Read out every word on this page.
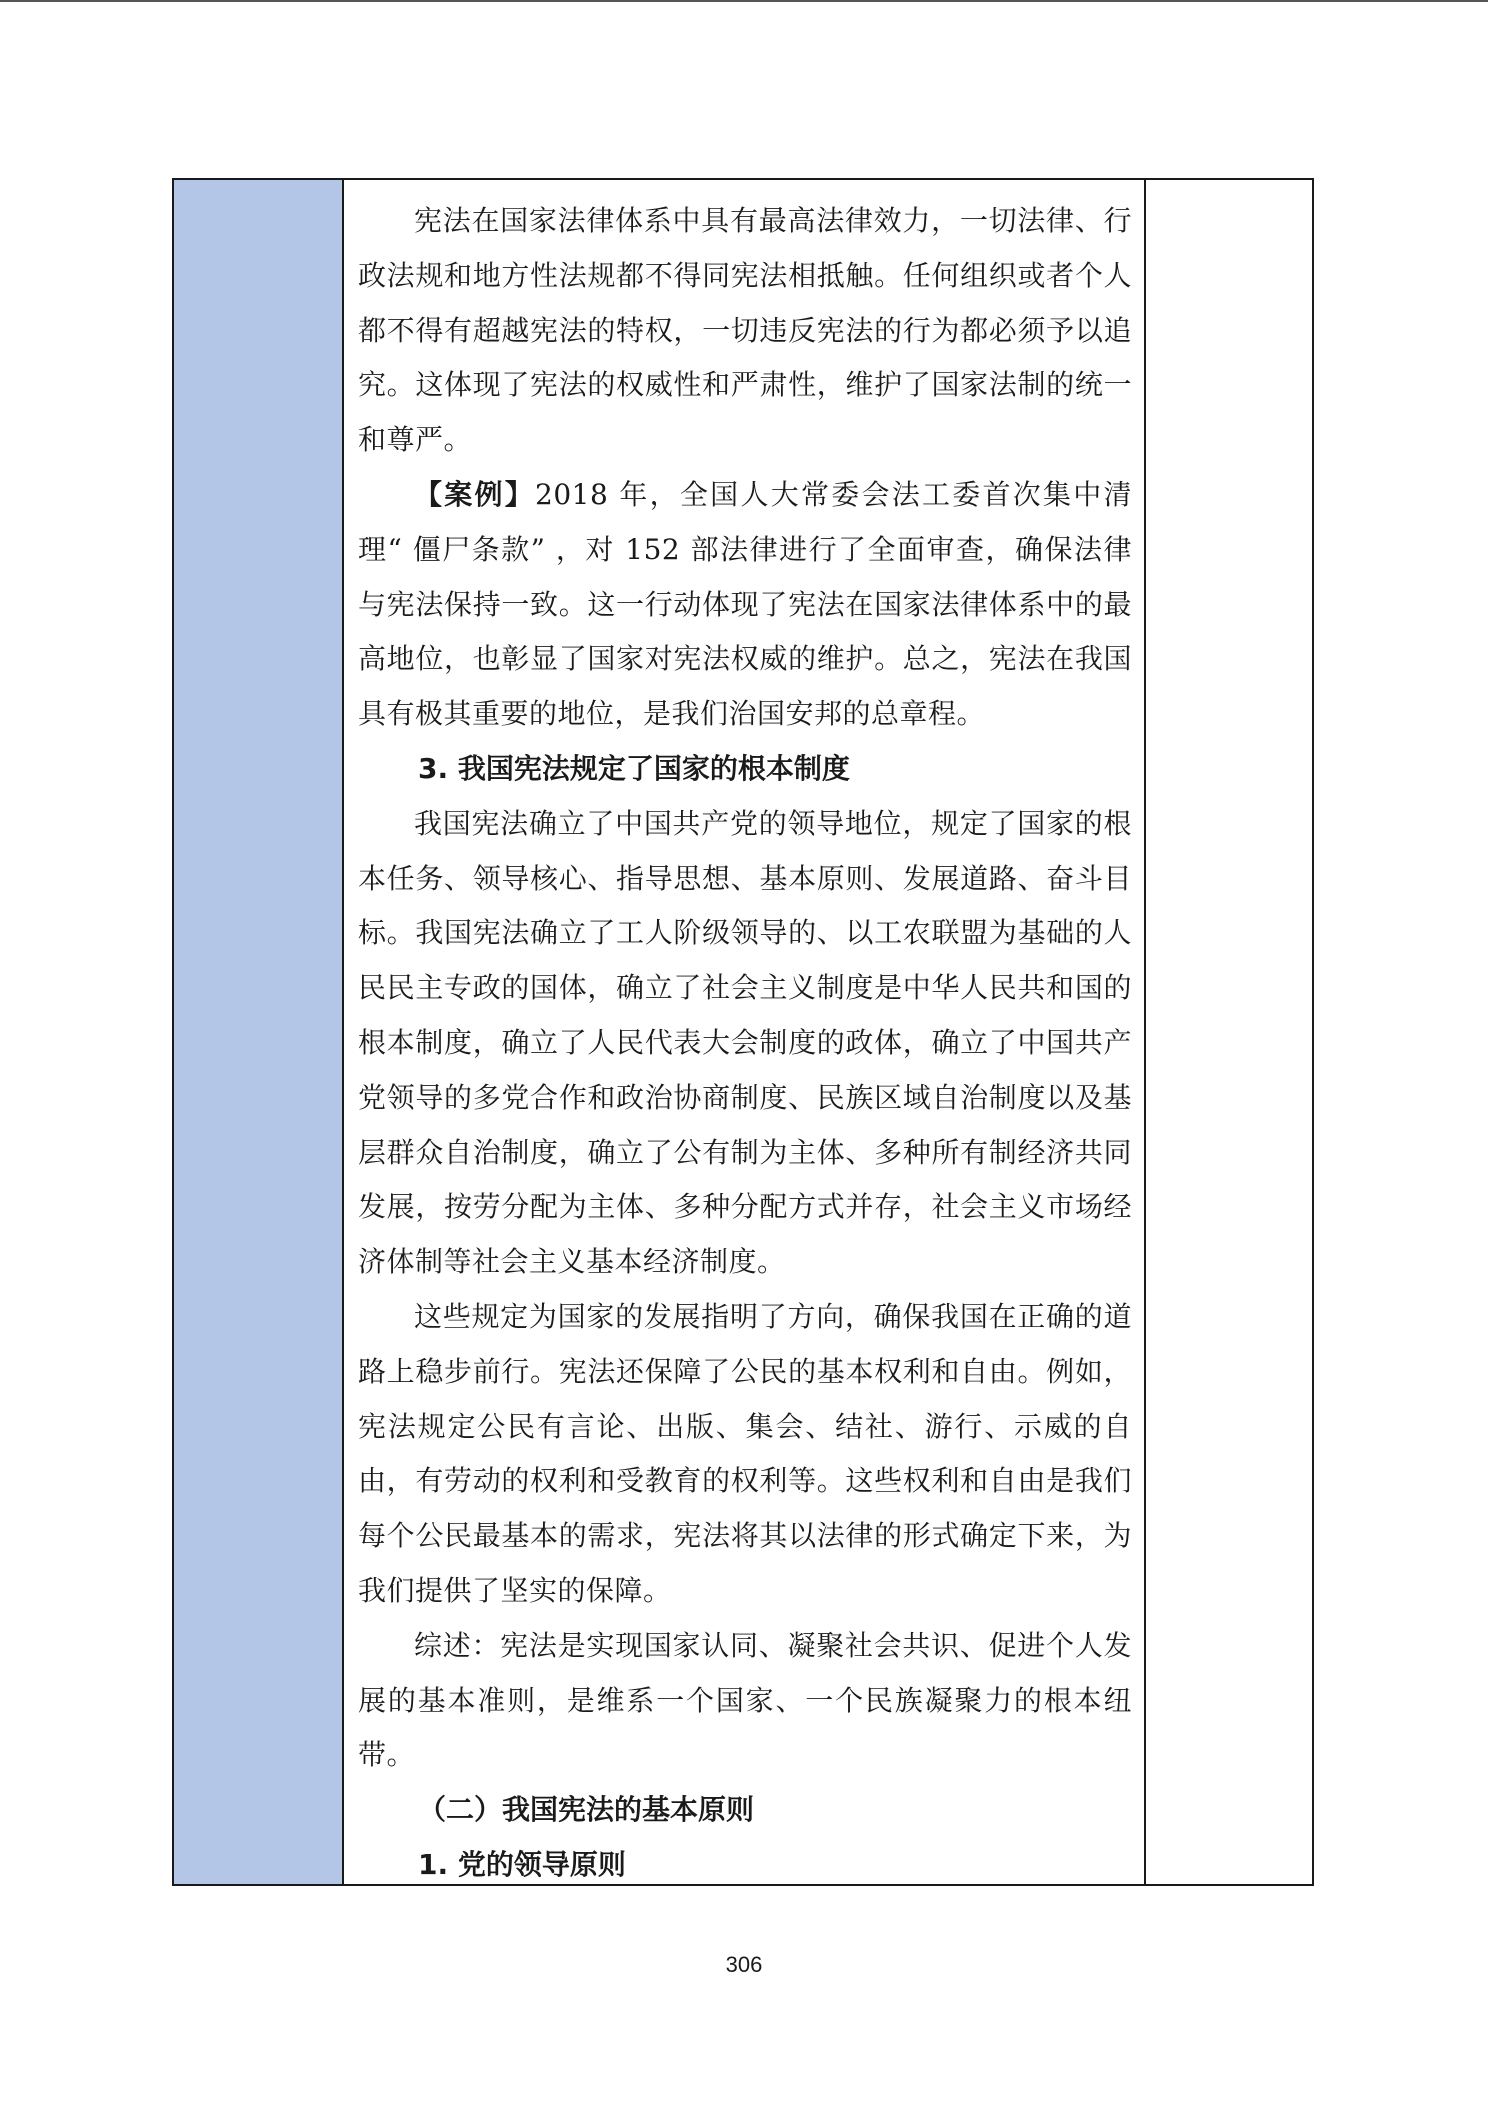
宪法在国家法律体系中具有最高法律效力，一切法律、行政法规和地方性法规都不得同宪法相抵触。任何组织或者个人都不得有超越宪法的特权，一切违反宪法的行为都必须予以追究。这体现了宪法的权威性和严肃性，维护了国家法制的统一和尊严。

【案例】2018 年，全国人大常委会法工委首次集中清理“ 僵尸条款” ，对 152 部法律进行了全面审查，确保法律与宪法保持一致。这一行动体现了宪法在国家法律体系中的最高地位，也彰显了国家对宪法权威的维护。总之，宪法在我国具有极其重要的地位，是我们治国安邦的总章程。

3. 我国宪法规定了国家的根本制度

我国宪法确立了中国共产党的领导地位，规定了国家的根本任务、领导核心、指导思想、基本原则、发展道路、奋斗目标。我国宪法确立了工人阶级领导的、以工农联盟为基础的人民民主专政的国体，确立了社会主义制度是中华人民共和国的根本制度，确立了人民代表大会制度的政体，确立了中国共产党领导的多党合作和政治协商制度、民族区域自治制度以及基层群众自治制度，确立了公有制为主体、多种所有制经济共同发展，按劳分配为主体、多种分配方式并存，社会主义市场经济体制等社会主义基本经济制度。

这些规定为国家的发展指明了方向，确保我国在正确的道路上稳步前行。宪法还保障了公民的基本权利和自由。例如，宪法规定公民有言论、出版、集会、结社、游行、示威的自由，有劳动的权利和受教育的权利等。这些权利和自由是我们每个公民最基本的需求，宪法将其以法律的形式确定下来，为我们提供了坚实的保障。

综述：宪法是实现国家认同、凝聚社会共识、促进个人发展的基本准则，是维系一个国家、一个民族凝聚力的根本纽带。

（二）我国宪法的基本原则

1. 党的领导原则

306
